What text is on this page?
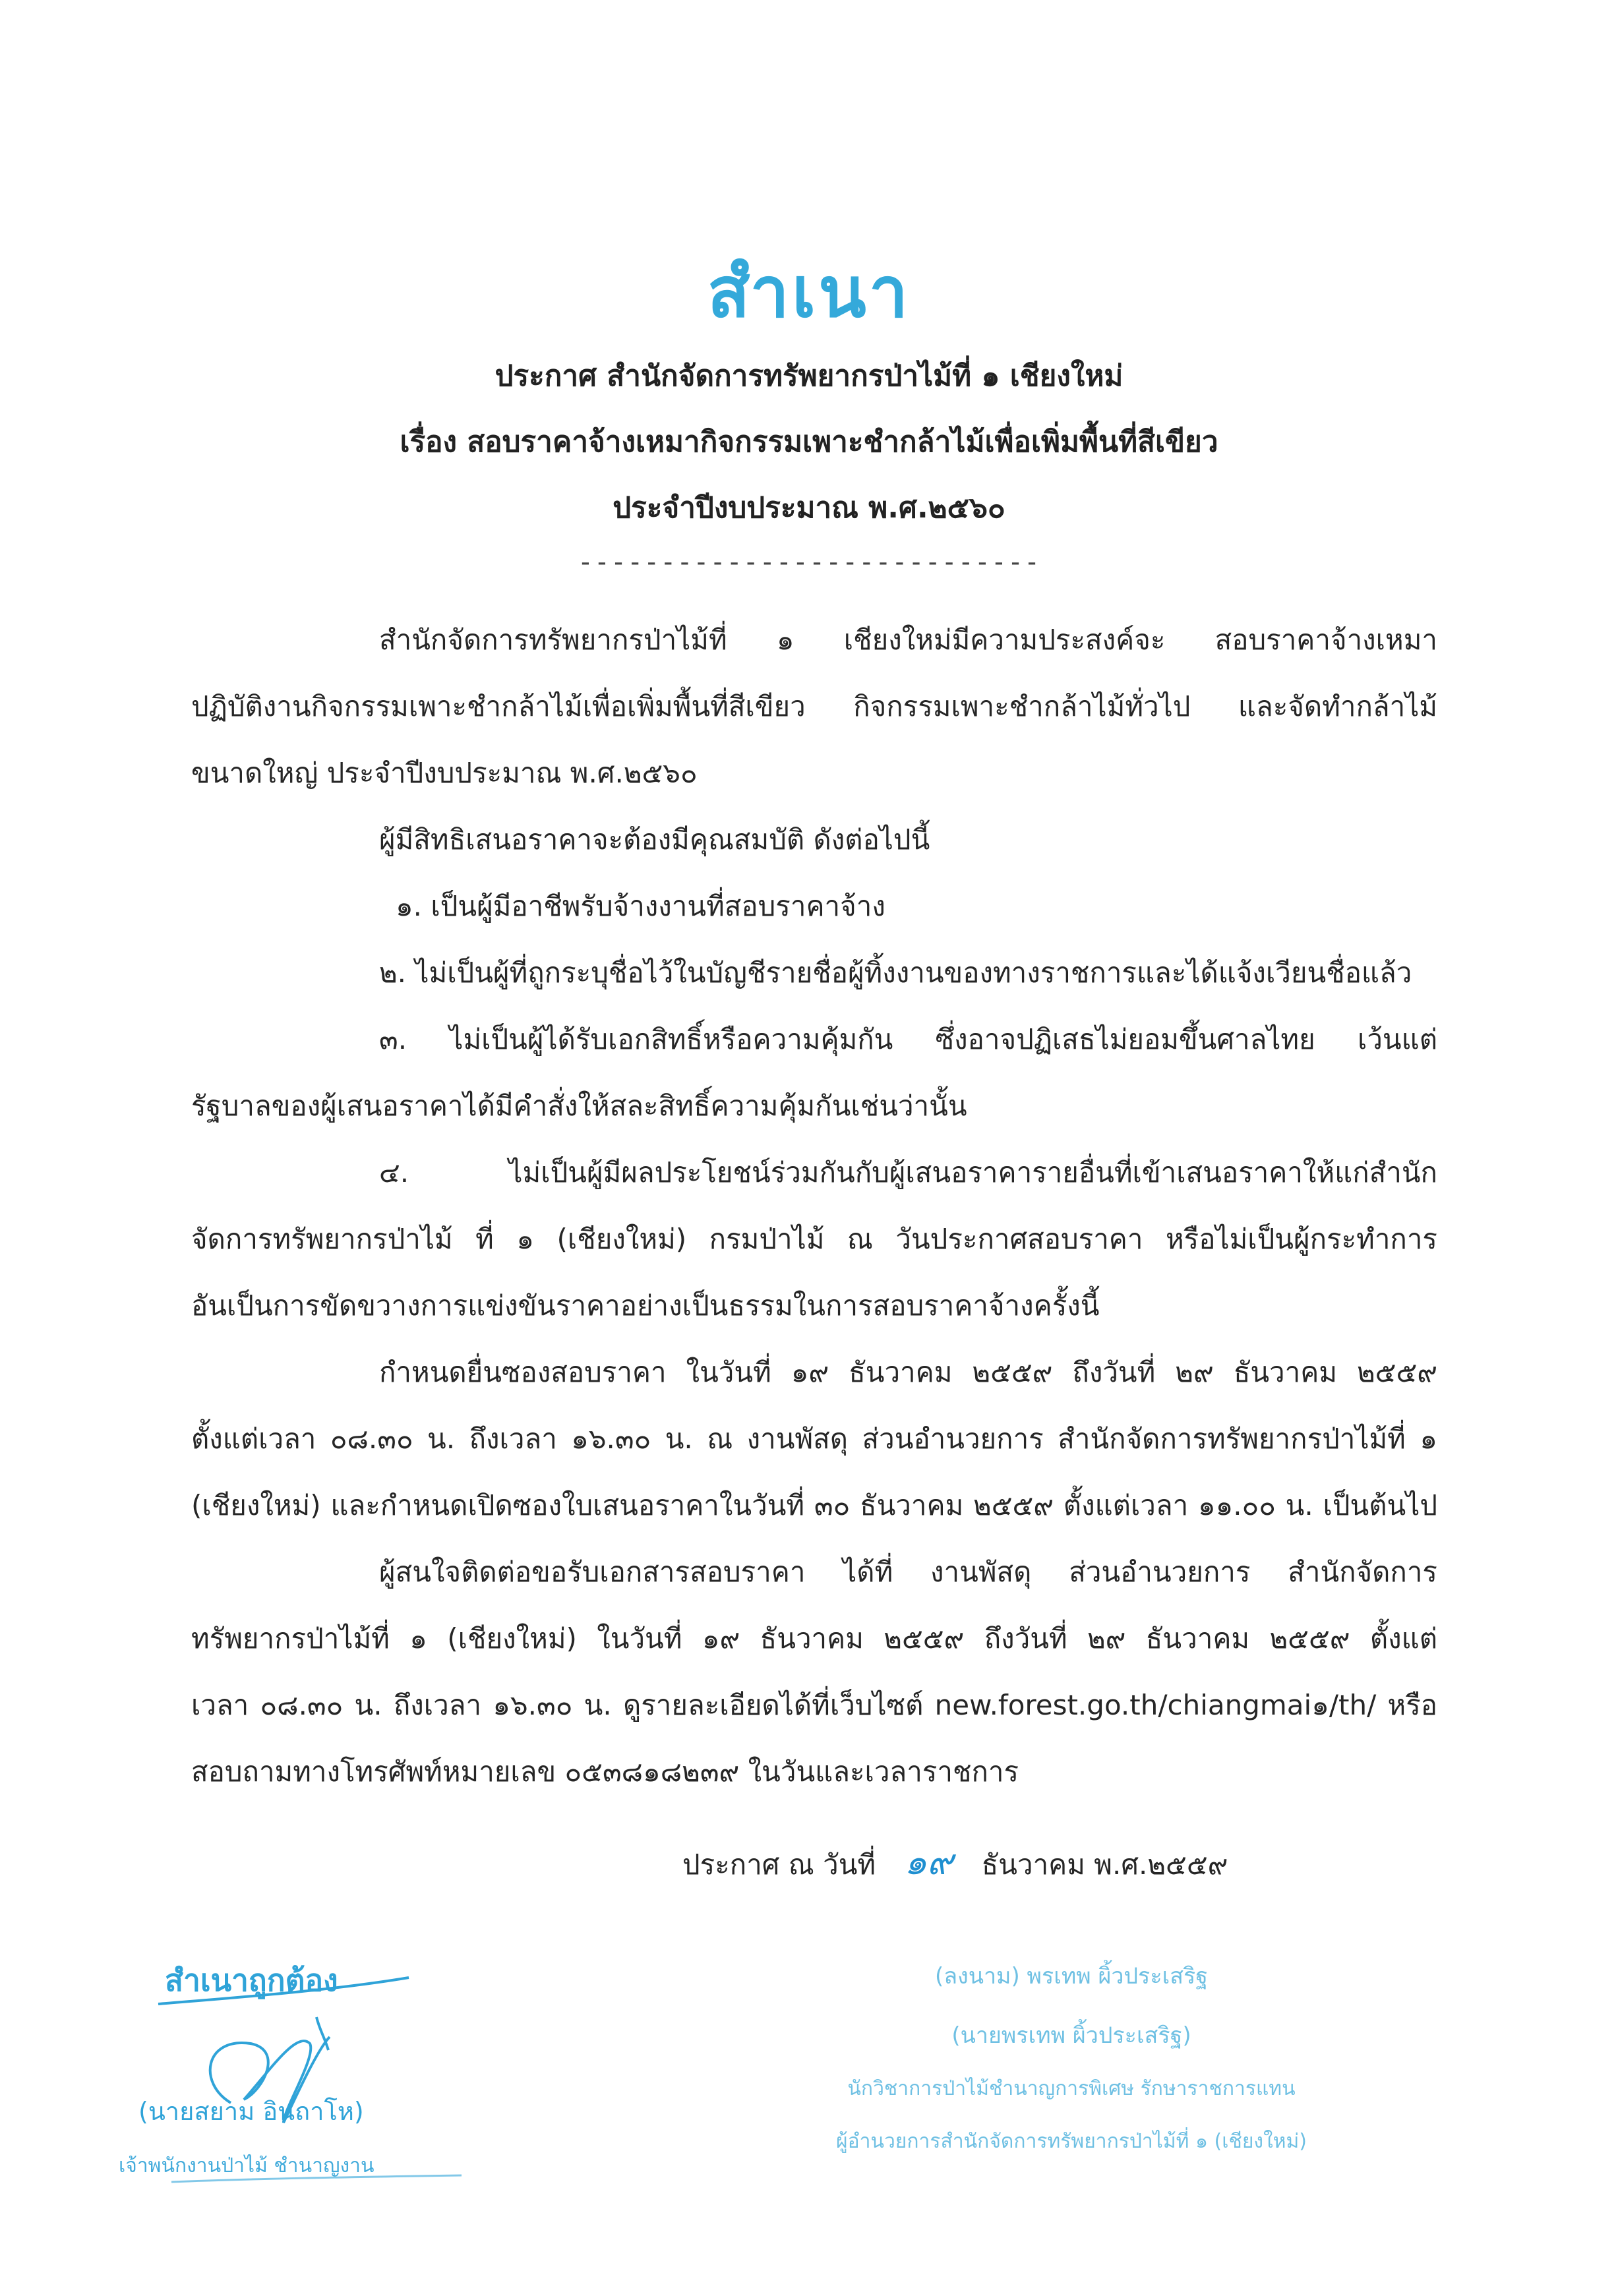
สำเนา
ประกาศ สำนักจัดการทรัพยากรป่าไม้ที่ ๑ เชียงใหม่
เรื่อง สอบราคาจ้างเหมากิจกรรมเพาะชำกล้าไม้เพื่อเพิ่มพื้นที่สีเขียว
ประจำปีงบประมาณ พ.ศ.๒๕๖๐
----------------------------
สำนักจัดการทรัพยากรป่าไม้ที่ ๑ เชียงใหม่มีความประสงค์จะ สอบราคาจ้างเหมา
ปฏิบัติงานกิจกรรมเพาะชำกล้าไม้เพื่อเพิ่มพื้นที่สีเขียว กิจกรรมเพาะชำกล้าไม้ทั่วไป และจัดทำกล้าไม้
ขนาดใหญ่ ประจำปีงบประมาณ พ.ศ.๒๕๖๐
ผู้มีสิทธิเสนอราคาจะต้องมีคุณสมบัติ ดังต่อไปนี้
๑. เป็นผู้มีอาชีพรับจ้างงานที่สอบราคาจ้าง
๒. ไม่เป็นผู้ที่ถูกระบุชื่อไว้ในบัญชีรายชื่อผู้ทิ้งงานของทางราชการและได้แจ้งเวียนชื่อแล้ว
๓. ไม่เป็นผู้ได้รับเอกสิทธิ์หรือความคุ้มกัน ซึ่งอาจปฏิเสธไม่ยอมขึ้นศาลไทย เว้นแต่
รัฐบาลของผู้เสนอราคาได้มีคำสั่งให้สละสิทธิ์ความคุ้มกันเช่นว่านั้น
๔. ไม่เป็นผู้มีผลประโยชน์ร่วมกันกับผู้เสนอราคารายอื่นที่เข้าเสนอราคาให้แก่สำนัก
จัดการทรัพยากรป่าไม้ ที่ ๑ (เชียงใหม่) กรมป่าไม้ ณ วันประกาศสอบราคา หรือไม่เป็นผู้กระทำการ
อันเป็นการขัดขวางการแข่งขันราคาอย่างเป็นธรรมในการสอบราคาจ้างครั้งนี้
กำหนดยื่นซองสอบราคา ในวันที่ ๑๙ ธันวาคม ๒๕๕๙ ถึงวันที่ ๒๙ ธันวาคม ๒๕๕๙
ตั้งแต่เวลา ๐๘.๓๐ น. ถึงเวลา ๑๖.๓๐ น. ณ งานพัสดุ ส่วนอำนวยการ สำนักจัดการทรัพยากรป่าไม้ที่ ๑
(เชียงใหม่) และกำหนดเปิดซองใบเสนอราคาในวันที่ ๓๐ ธันวาคม ๒๕๕๙ ตั้งแต่เวลา ๑๑.๐๐ น. เป็นต้นไป
ผู้สนใจติดต่อขอรับเอกสารสอบราคา ได้ที่ งานพัสดุ ส่วนอำนวยการ สำนักจัดการ
ทรัพยากรป่าไม้ที่ ๑ (เชียงใหม่) ในวันที่ ๑๙ ธันวาคม ๒๕๕๙ ถึงวันที่ ๒๙ ธันวาคม ๒๕๕๙ ตั้งแต่
เวลา ๐๘.๓๐ น. ถึงเวลา ๑๖.๓๐ น. ดูรายละเอียดได้ที่เว็บไซต์ new.forest.go.th/chiangmai๑/th/ หรือ
สอบถามทางโทรศัพท์หมายเลข ๐๕๓๘๑๘๒๓๙ ในวันและเวลาราชการ
ประกาศ ณ วันที่ ๑๙ ธันวาคม พ.ศ.๒๕๕๙
สำเนาถูกต้อง
(นายสยาม อินถาโห)
เจ้าพนักงานป่าไม้ ชำนาญงาน
(ลงนาม) พรเทพ ผิ้วประเสริฐ
(นายพรเทพ ผิ้วประเสริฐ)
นักวิชาการป่าไม้ชำนาญการพิเศษ รักษาราชการแทน
ผู้อำนวยการสำนักจัดการทรัพยากรป่าไม้ที่ ๑ (เชียงใหม่)
